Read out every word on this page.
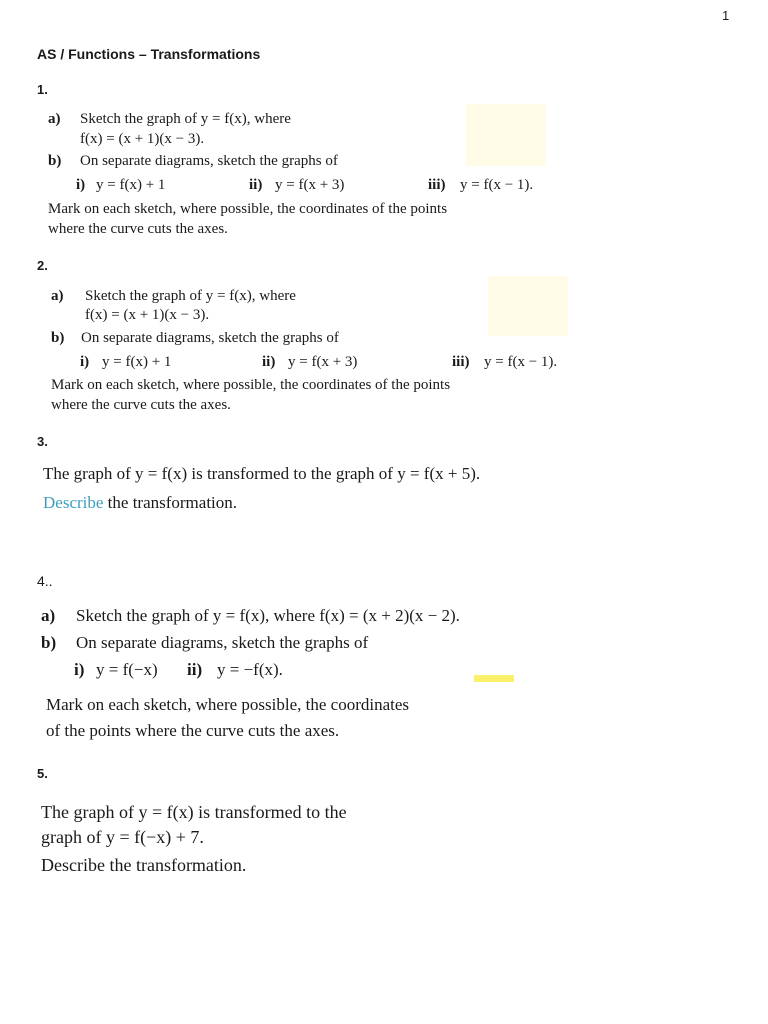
1
AS / Functions – Transformations
1.
a) Sketch the graph of y = f(x), where
f(x) = (x + 1)(x − 3).
b) On separate diagrams, sketch the graphs of
i) y = f(x) + 1	ii) y = f(x + 3)	iii) y = f(x − 1).
Mark on each sketch, where possible, the coordinates of the points
where the curve cuts the axes.
2.
a) Sketch the graph of y = f(x), where
f(x) = (x + 1)(x − 3).
b) On separate diagrams, sketch the graphs of
i) y = f(x) + 1	ii) y = f(x + 3)	iii) y = f(x − 1).
Mark on each sketch, where possible, the coordinates of the points
where the curve cuts the axes.
3.
The graph of y = f(x) is transformed to the graph of y = f(x + 5).
Describe the transformation.
4..
a) Sketch the graph of y = f(x), where f(x) = (x + 2)(x − 2).
b) On separate diagrams, sketch the graphs of
i) y = f(−x) ii) y = −f(x).
Mark on each sketch, where possible, the coordinates
of the points where the curve cuts the axes.
5.
The graph of y = f(x) is transformed to the
graph of y = f(−x) + 7.
Describe the transformation.
